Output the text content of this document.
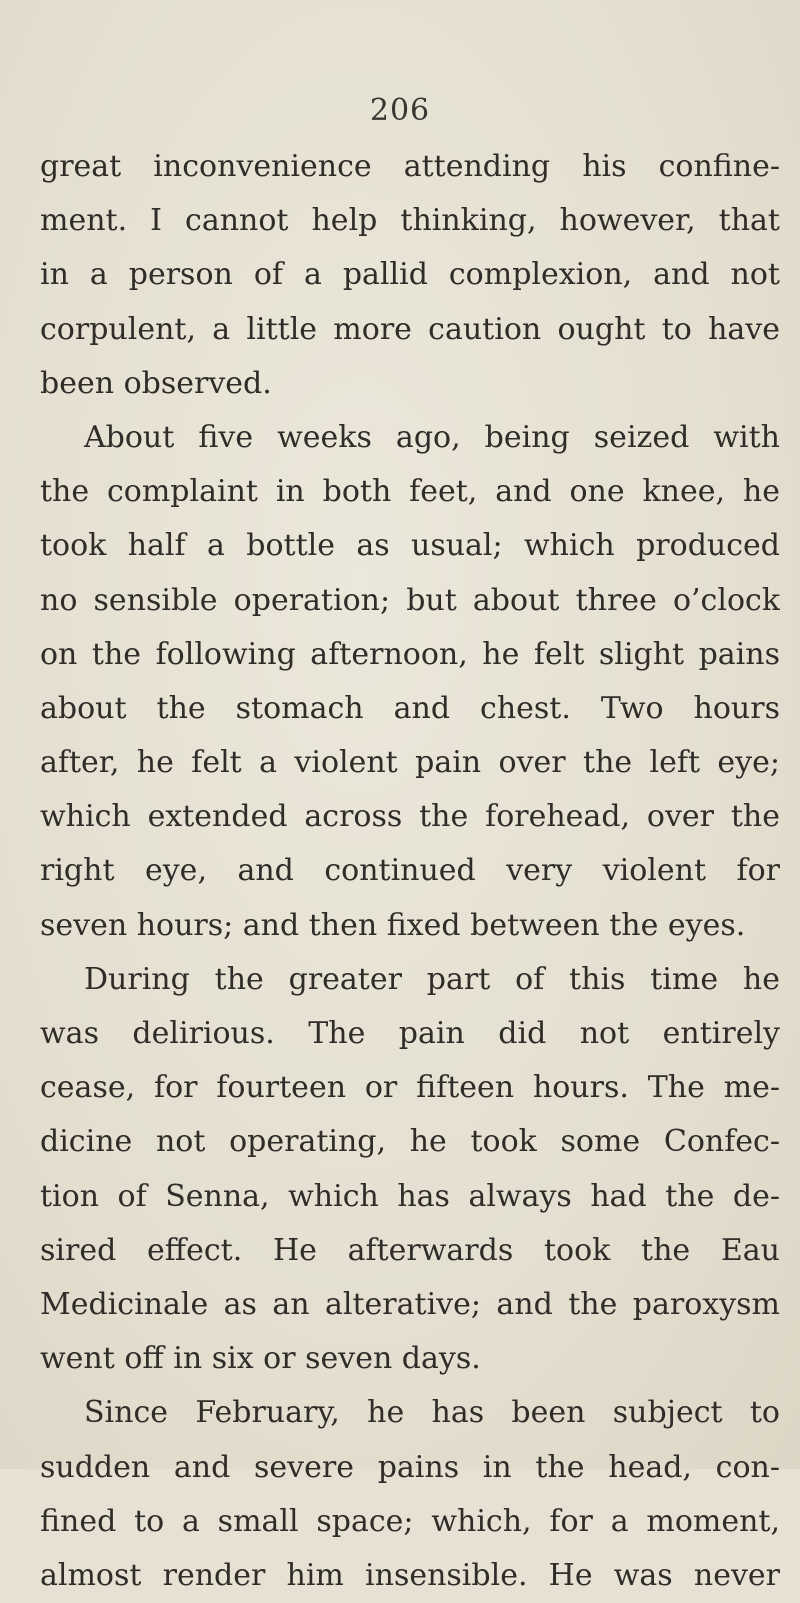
206
great inconvenience attending his confine-
ment. I cannot help thinking, however, that
in a person of a pallid complexion, and not
corpulent, a little more caution ought to have
been observed.
About five weeks ago, being seized with
the complaint in both feet, and one knee, he
took half a bottle as usual; which produced
no sensible operation; but about three o’clock
on the following afternoon, he felt slight pains
about the stomach and chest. Two hours
after, he felt a violent pain over the left eye;
which extended across the forehead, over the
right eye, and continued very violent for
seven hours; and then fixed between the eyes.
During the greater part of this time he
was delirious. The pain did not entirely
cease, for fourteen or fifteen hours. The me-
dicine not operating, he took some Confec-
tion of Senna, which has always had the de-
sired effect. He afterwards took the Eau
Medicinale as an alterative; and the paroxysm
went off in six or seven days.
Since February, he has been subject to
sudden and severe pains in the head, con-
fined to a small space; which, for a moment,
almost render him insensible. He was never
